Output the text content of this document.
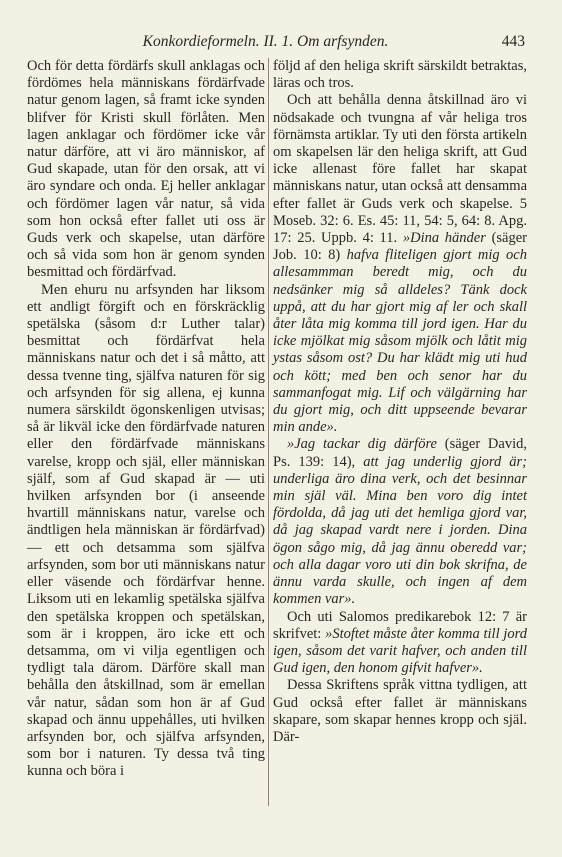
Konkordieformeln. II. 1. Om arfsynden.	443

Och för detta fördärfs skull anklagas och fördömes hela människans fördärfvade natur genom lagen, så framt icke synden blifver för Kristi skull förlåten. Men lagen anklagar och fördömer icke vår natur därföre, att vi äro människor, af Gud skapade, utan för den orsak, att vi äro syndare och onda. Ej heller anklagar och fördömer lagen vår natur, så vida som hon också efter fallet uti oss är Guds verk och skapelse, utan därföre och så vida som hon är genom synden besmittad och fördärfvad.

Men ehuru nu arfsynden har liksom ett andligt förgift och en förskräcklig spetälska (såsom d:r Luther talar) besmittat och fördärfvat hela människans natur och det i så måtto, att dessa tvenne ting, själfva naturen för sig och arfsynden för sig allena, ej kunna numera särskildt ögonskenligen utvisas; så är likväl icke den fördärfvade naturen eller den fördärfvade människans varelse, kropp och själ, eller människan själf, som af Gud skapad är — uti hvilken arfsynden bor (i anseende hvartill människans natur, varelse och ändtligen hela människan är fördärfvad) — ett och detsamma som själfva arfsynden, som bor uti människans natur eller väsende och fördärfvar henne. Liksom uti en lekamlig spetälska själfva den spetälska kroppen och spetälskan, som är i kroppen, äro icke ett och detsamma, om vi vilja egentligen och tydligt tala därom. Därföre skall man behålla den åtskillnad, som är emellan vår natur, sådan som hon är af Gud skapad och ännu uppehålles, uti hvilken arfsynden bor, och själfva arfsynden, som bor i naturen. Ty dessa två ting kunna och böra i

följd af den heliga skrift särskildt betraktas, läras och tros.

Och att behålla denna åtskillnad äro vi nödsakade och tvungna af vår heliga tros förnämsta artiklar. Ty uti den första artikeln om skapelsen lär den heliga skrift, att Gud icke allenast före fallet har skapat människans natur, utan också att densamma efter fallet är Guds verk och skapelse. 5 Moseb. 32: 6. Es. 45: 11, 54: 5, 64: 8. Apg. 17: 25. Uppb. 4: 11. »Dina händer (säger Job. 10: 8) hafva fliteligen gjort mig och allesammman beredt mig, och du nedsänker mig så alldeles? Tänk dock uppå, att du har gjort mig af ler och skall åter låta mig komma till jord igen. Har du icke mjölkat mig såsom mjölk och låtit mig ystas såsom ost? Du har klädt mig uti hud och kött; med ben och senor har du sammanfogat mig. Lif och välgärning har du gjort mig, och ditt uppseende bevarar min ande».

»Jag tackar dig därföre (säger David, Ps. 139: 14), att jag underlig gjord är; underliga äro dina verk, och det besinnar min själ väl. Mina ben voro dig intet fördolda, då jag uti det hemliga gjord var, då jag skapad vardt nere i jorden. Dina ögon sågo mig, då jag ännu oberedd var; och alla dagar voro uti din bok skrifna, de ännu varda skulle, och ingen af dem kommen var».

Och uti Salomos predikarebok 12: 7 är skrifvet: »Stoftet måste åter komma till jord igen, såsom det varit hafver, och anden till Gud igen, den honom gifvit hafver».

Dessa Skriftens språk vittna tydligen, att Gud också efter fallet är människans skapare, som skapar hennes kropp och själ. Där-
